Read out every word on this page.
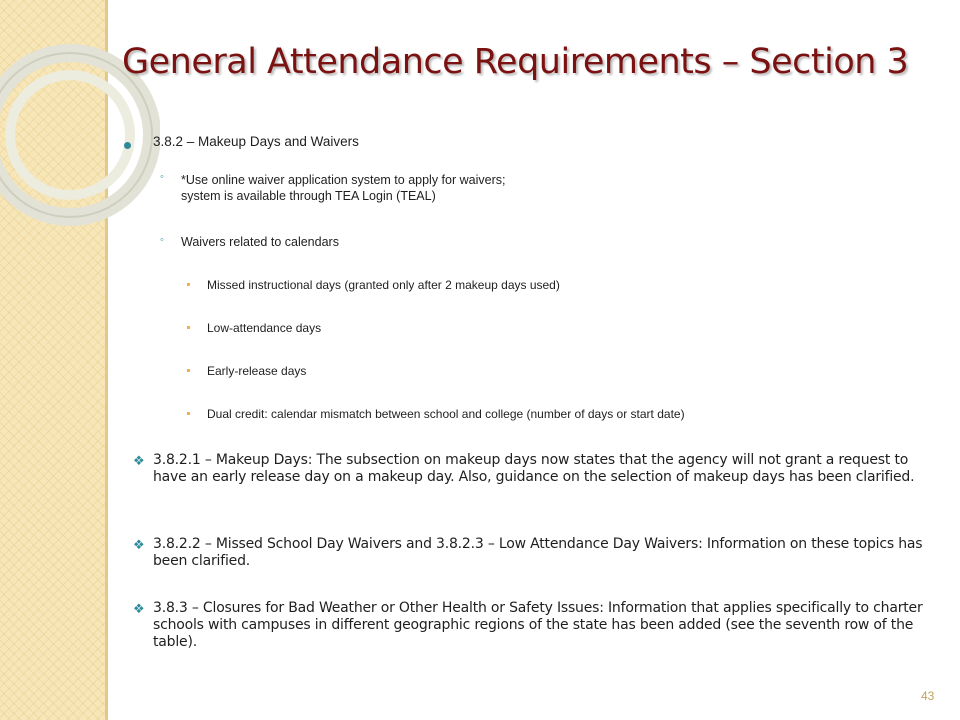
General Attendance Requirements – Section 3
3.8.2 – Makeup Days and Waivers
◦ *Use online waiver application system to apply for waivers;
system is available through TEA Login (TEAL)
◦ Waivers related to calendars
Missed instructional days (granted only after 2 makeup days used)
Low-attendance days
Early-release days
Dual credit: calendar mismatch between school and college (number of days or start date)
❖ 3.8.2.1 – Makeup Days: The subsection on makeup days now states that the agency will not grant a request to have an early release day on a makeup day. Also, guidance on the selection of makeup days has been clarified.
❖ 3.8.2.2 – Missed School Day Waivers and 3.8.2.3 – Low Attendance Day Waivers: Information on these topics has been clarified.
❖ 3.8.3 – Closures for Bad Weather or Other Health or Safety Issues: Information that applies specifically to charter schools with campuses in different geographic regions of the state has been added (see the seventh row of the table).
43
